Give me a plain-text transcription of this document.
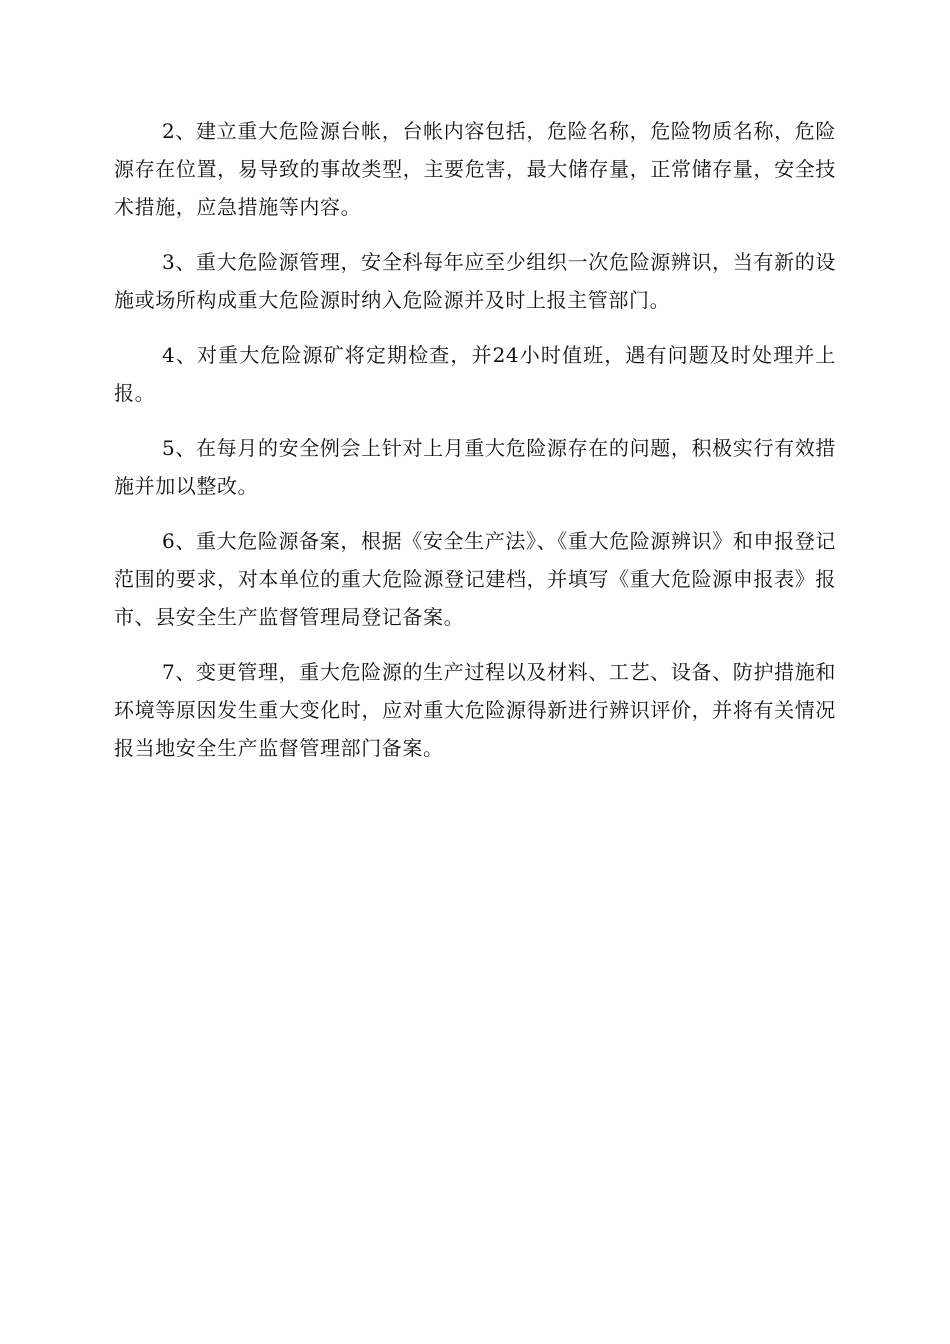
2、建立重大危险源台帐，台帐内容包括，危险名称，危险物质名称，危险源存在位置，易导致的事故类型，主要危害，最大储存量，正常储存量，安全技术措施，应急措施等内容。

3、重大危险源管理，安全科每年应至少组织一次危险源辨识，当有新的设施或场所构成重大危险源时纳入危险源并及时上报主管部门。

4、对重大危险源矿将定期检查，并24小时值班，遇有问题及时处理并上报。

5、在每月的安全例会上针对上月重大危险源存在的问题，积极实行有效措施并加以整改。

6、重大危险源备案，根据《安全生产法》、《重大危险源辨识》和申报登记范围的要求，对本单位的重大危险源登记建档，并填写《重大危险源申报表》报市、县安全生产监督管理局登记备案。

7、变更管理，重大危险源的生产过程以及材料、工艺、设备、防护措施和环境等原因发生重大变化时，应对重大危险源得新进行辨识评价，并将有关情况报当地安全生产监督管理部门备案。
